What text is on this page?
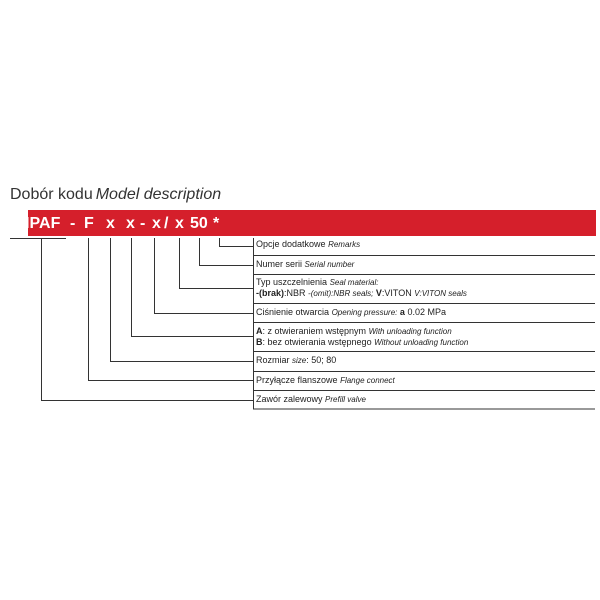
Dobór kodu Model description
HPAF - F x x - x / x 50 *
Opcje dodatkowe Remarks
Numer serii Serial number
Typ uszczelnienia Seal material:
-(brak):NBR -(omit):NBR seals; V:VITON V:VITON seals
Ciśnienie otwarcia Opening pressure: a 0.02 MPa
A: z otwieraniem wstępnym With unloading function
B: bez otwierania wstępnego Without unloading function
Rozmiar size: 50; 80
Przyłącze flanszowe Flange connect
Zawór zalewowy Prefill valve
